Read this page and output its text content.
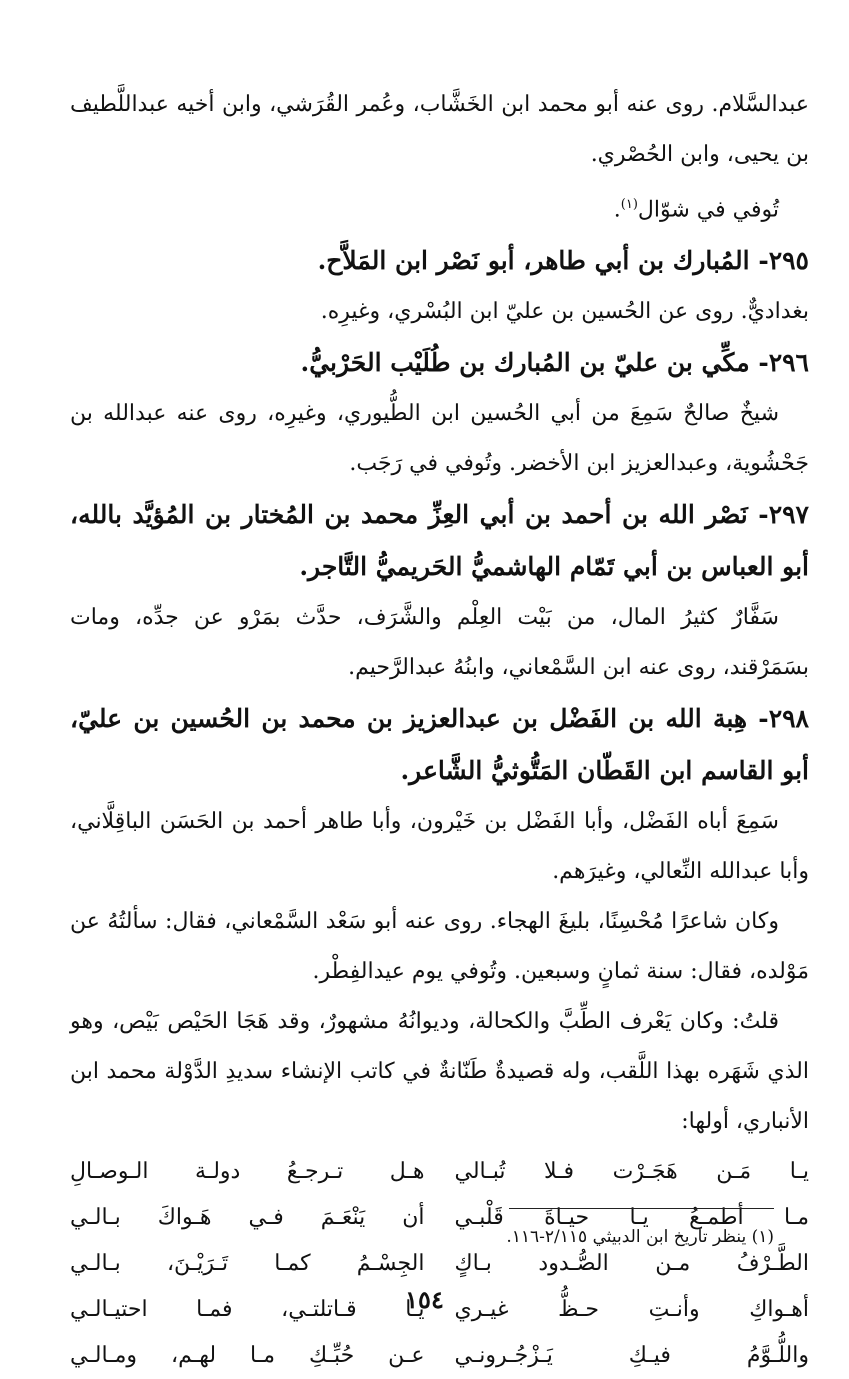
عبدالسَّلام. روى عنه أبو محمد ابن الخَشَّاب، وعُمر القُرَشي، وابن أخيه عبداللَّطيف بن يحيى، وابن الحُصْري.

تُوفي في شوّال$^{(١)}$.

٢٩٥- المُبارك بن أبي طاهر، أبو نَصْر ابن المَلاَّح.

بغداديٌّ. روى عن الحُسين بن عليّ ابن البُسْري، وغيرِه.

٢٩٦- مكِّي بن عليّ بن المُبارك بن طُلَيْب الحَرْبيُّ.

شيخٌ صالحٌ سَمِعَ من أبي الحُسين ابن الطُّيوري، وغيرِه، روى عنه عبدالله بن جَحْشُوية، وعبدالعزيز ابن الأخضر. وتُوفي في رَجَب.

٢٩٧- نَصْر الله بن أحمد بن أبي العِزِّ محمد بن المُختار بن المُؤيَّد بالله، أبو العباس بن أبي تَمّام الهاشميُّ الحَريميُّ التَّاجر.

سَفَّارٌ كثيرُ المال، من بَيْت العِلْم والشَّرَف، حدَّث بمَرْو عن جدِّه، ومات بسَمَرْقند، روى عنه ابن السَّمْعاني، وابنُهُ عبدالرَّحيم.

٢٩٨- هِبة الله بن الفَضْل بن عبدالعزيز بن محمد بن الحُسين بن عليّ، أبو القاسم ابن القَطّان المَتُّوثيُّ الشَّاعر.

سَمِعَ أباه الفَضْل، وأبا الفَضْل بن خَيْرون، وأبا طاهر أحمد بن الحَسَن الباقِلَّاني، وأبا عبدالله النِّعالي، وغيرَهم.

وكان شاعرًا مُحْسِنًا، بليغَ الهجاء. روى عنه أبو سَعْد السَّمْعاني، فقال: سألتُهُ عن مَوْلده، فقال: سنة ثمانٍ وسبعين. وتُوفي يوم عيدالفِطْر.

قلتُ: وكان يَعْرف الطِّبَّ والكحالة، وديوانُهُ مشهورٌ، وقد هَجَا الحَيْص بَيْص، وهو الذي شَهَره بهذا اللَّقب، وله قصيدةٌ طَنّانةٌ في كاتب الإنشاء سديدِ الدَّوْلة محمد ابن الأنباري، أولها:

يـا مَـن هَجَـرْت فـلا تُبـالي
هـل تـرجـعُ دولـة الـوصـالِ
مـا أطمـعُ يـا حيـاةَ قَلْبـي
أن يَنْعَـمَ فـي هَـواكَ بـالـي
الطَّـرْفُ مـن الصُّـدود بـاكٍ
الجِسْـمُ كمـا تَـرَيْـنَ، بـالـي
أهـواكِ وأنـتِ حـظُّ غيـري
يـا قـاتلتـي، فمـا احتيـالـي
واللُّـوَّمُ فيـكِ يَـزْجُـرونـي
عـن حُبِّـكِ مـا لهـم، ومـالـي
(١) ينظر تاريخ ابن الدبيثي ٢/١١٥-١١٦.
١٥٤
